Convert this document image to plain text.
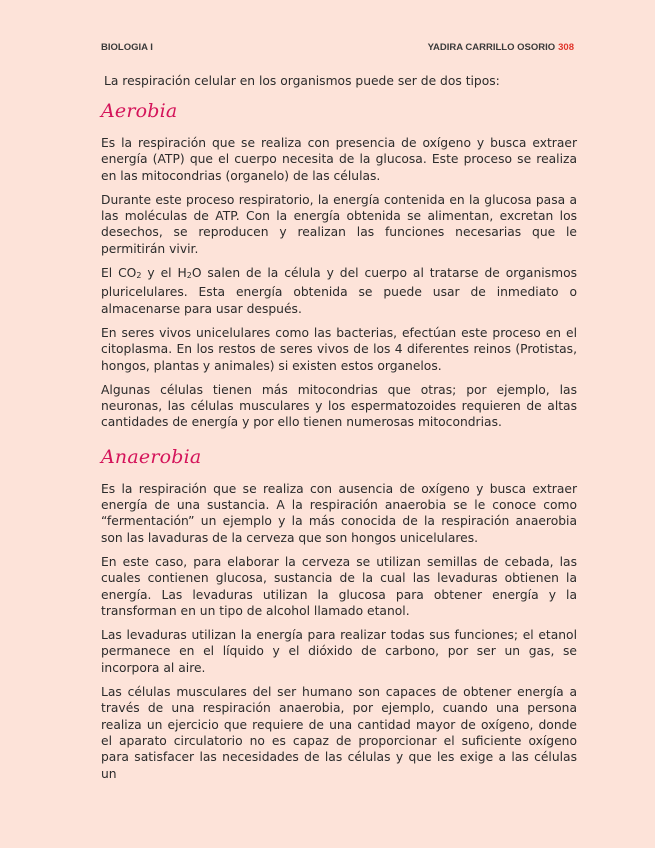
BIOLOGIA I	YADIRA CARRILLO OSORIO 308
La respiración celular en los organismos puede ser de dos tipos:
Aerobia

Es la respiración que se realiza con presencia de oxígeno y busca extraer energía (ATP) que el cuerpo necesita de la glucosa. Este proceso se realiza en las mitocondrias (organelo) de las células.

Durante este proceso respiratorio, la energía contenida en la glucosa pasa a las moléculas de ATP. Con la energía obtenida se alimentan, excretan los desechos, se reproducen y realizan las funciones necesarias que le permitirán vivir.

El CO2 y el H2O salen de la célula y del cuerpo al tratarse de organismos pluricelulares. Esta energía obtenida se puede usar de inmediato o almacenarse para usar después.

En seres vivos unicelulares como las bacterias, efectúan este proceso en el citoplasma. En los restos de seres vivos de los 4 diferentes reinos (Protistas, hongos, plantas y animales) si existen estos organelos.

Algunas células tienen más mitocondrias que otras; por ejemplo, las neuronas, las células musculares y los espermatozoides requieren de altas cantidades de energía y por ello tienen numerosas mitocondrias.

Anaerobia

Es la respiración que se realiza con ausencia de oxígeno y busca extraer energía de una sustancia. A la respiración anaerobia se le conoce como “fermentación” un ejemplo y la más conocida de la respiración anaerobia son las lavaduras de la cerveza que son hongos unicelulares.

En este caso, para elaborar la cerveza se utilizan semillas de cebada, las cuales contienen glucosa, sustancia de la cual las levaduras obtienen la energía. Las levaduras utilizan la glucosa para obtener energía y la transforman en un tipo de alcohol llamado etanol.

Las levaduras utilizan la energía para realizar todas sus funciones; el etanol permanece en el líquido y el dióxido de carbono, por ser un gas, se incorpora al aire.

Las células musculares del ser humano son capaces de obtener energía a través de una respiración anaerobia, por ejemplo, cuando una persona realiza un ejercicio que requiere de una cantidad mayor de oxígeno, donde el aparato circulatorio no es capaz de proporcionar el suficiente oxígeno para satisfacer las necesidades de las células y que les exige a las células un
